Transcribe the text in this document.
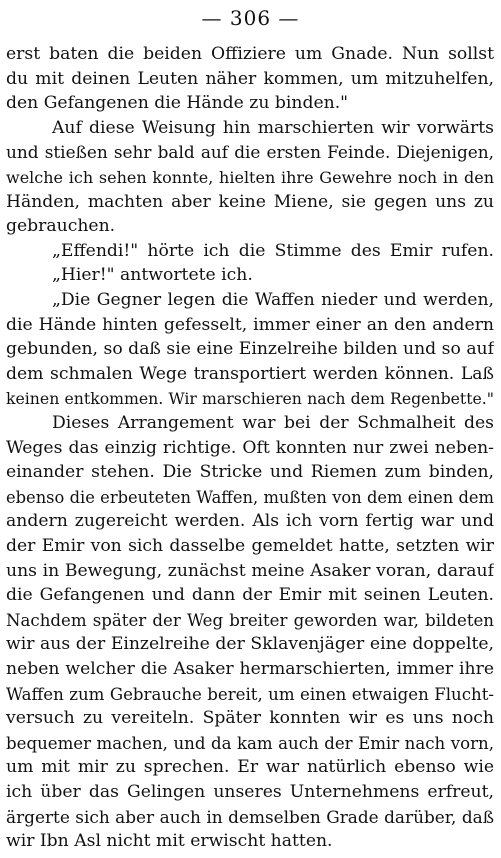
— 306 —
erst baten die beiden Offiziere um Gnade. Nun sollst
du mit deinen Leuten näher kommen, um mitzuhelfen,
den Gefangenen die Hände zu binden."
Auf diese Weisung hin marschierten wir vorwärts
und stießen sehr bald auf die ersten Feinde. Diejenigen,
welche ich sehen konnte, hielten ihre Gewehre noch in den
Händen, machten aber keine Miene, sie gegen uns zu
gebrauchen.
„Effendi!" hörte ich die Stimme des Emir rufen.
„Hier!" antwortete ich.
„Die Gegner legen die Waffen nieder und werden,
die Hände hinten gefesselt, immer einer an den andern
gebunden, so daß sie eine Einzelreihe bilden und so auf
dem schmalen Wege transportiert werden können. Laß
keinen entkommen. Wir marschieren nach dem Regenbette."
Dieses Arrangement war bei der Schmalheit des
Weges das einzig richtige. Oft konnten nur zwei neben-
einander stehen. Die Stricke und Riemen zum binden,
ebenso die erbeuteten Waffen, mußten von dem einen dem
andern zugereicht werden. Als ich vorn fertig war und
der Emir von sich dasselbe gemeldet hatte, setzten wir
uns in Bewegung, zunächst meine Asaker voran, darauf
die Gefangenen und dann der Emir mit seinen Leuten.
Nachdem später der Weg breiter geworden war, bildeten
wir aus der Einzelreihe der Sklavenjäger eine doppelte,
neben welcher die Asaker hermarschierten, immer ihre
Waffen zum Gebrauche bereit, um einen etwaigen Flucht-
versuch zu vereiteln. Später konnten wir es uns noch
bequemer machen, und da kam auch der Emir nach vorn,
um mit mir zu sprechen. Er war natürlich ebenso wie
ich über das Gelingen unseres Unternehmens erfreut,
ärgerte sich aber auch in demselben Grade darüber, daß
wir Ibn Asl nicht mit erwischt hatten.
